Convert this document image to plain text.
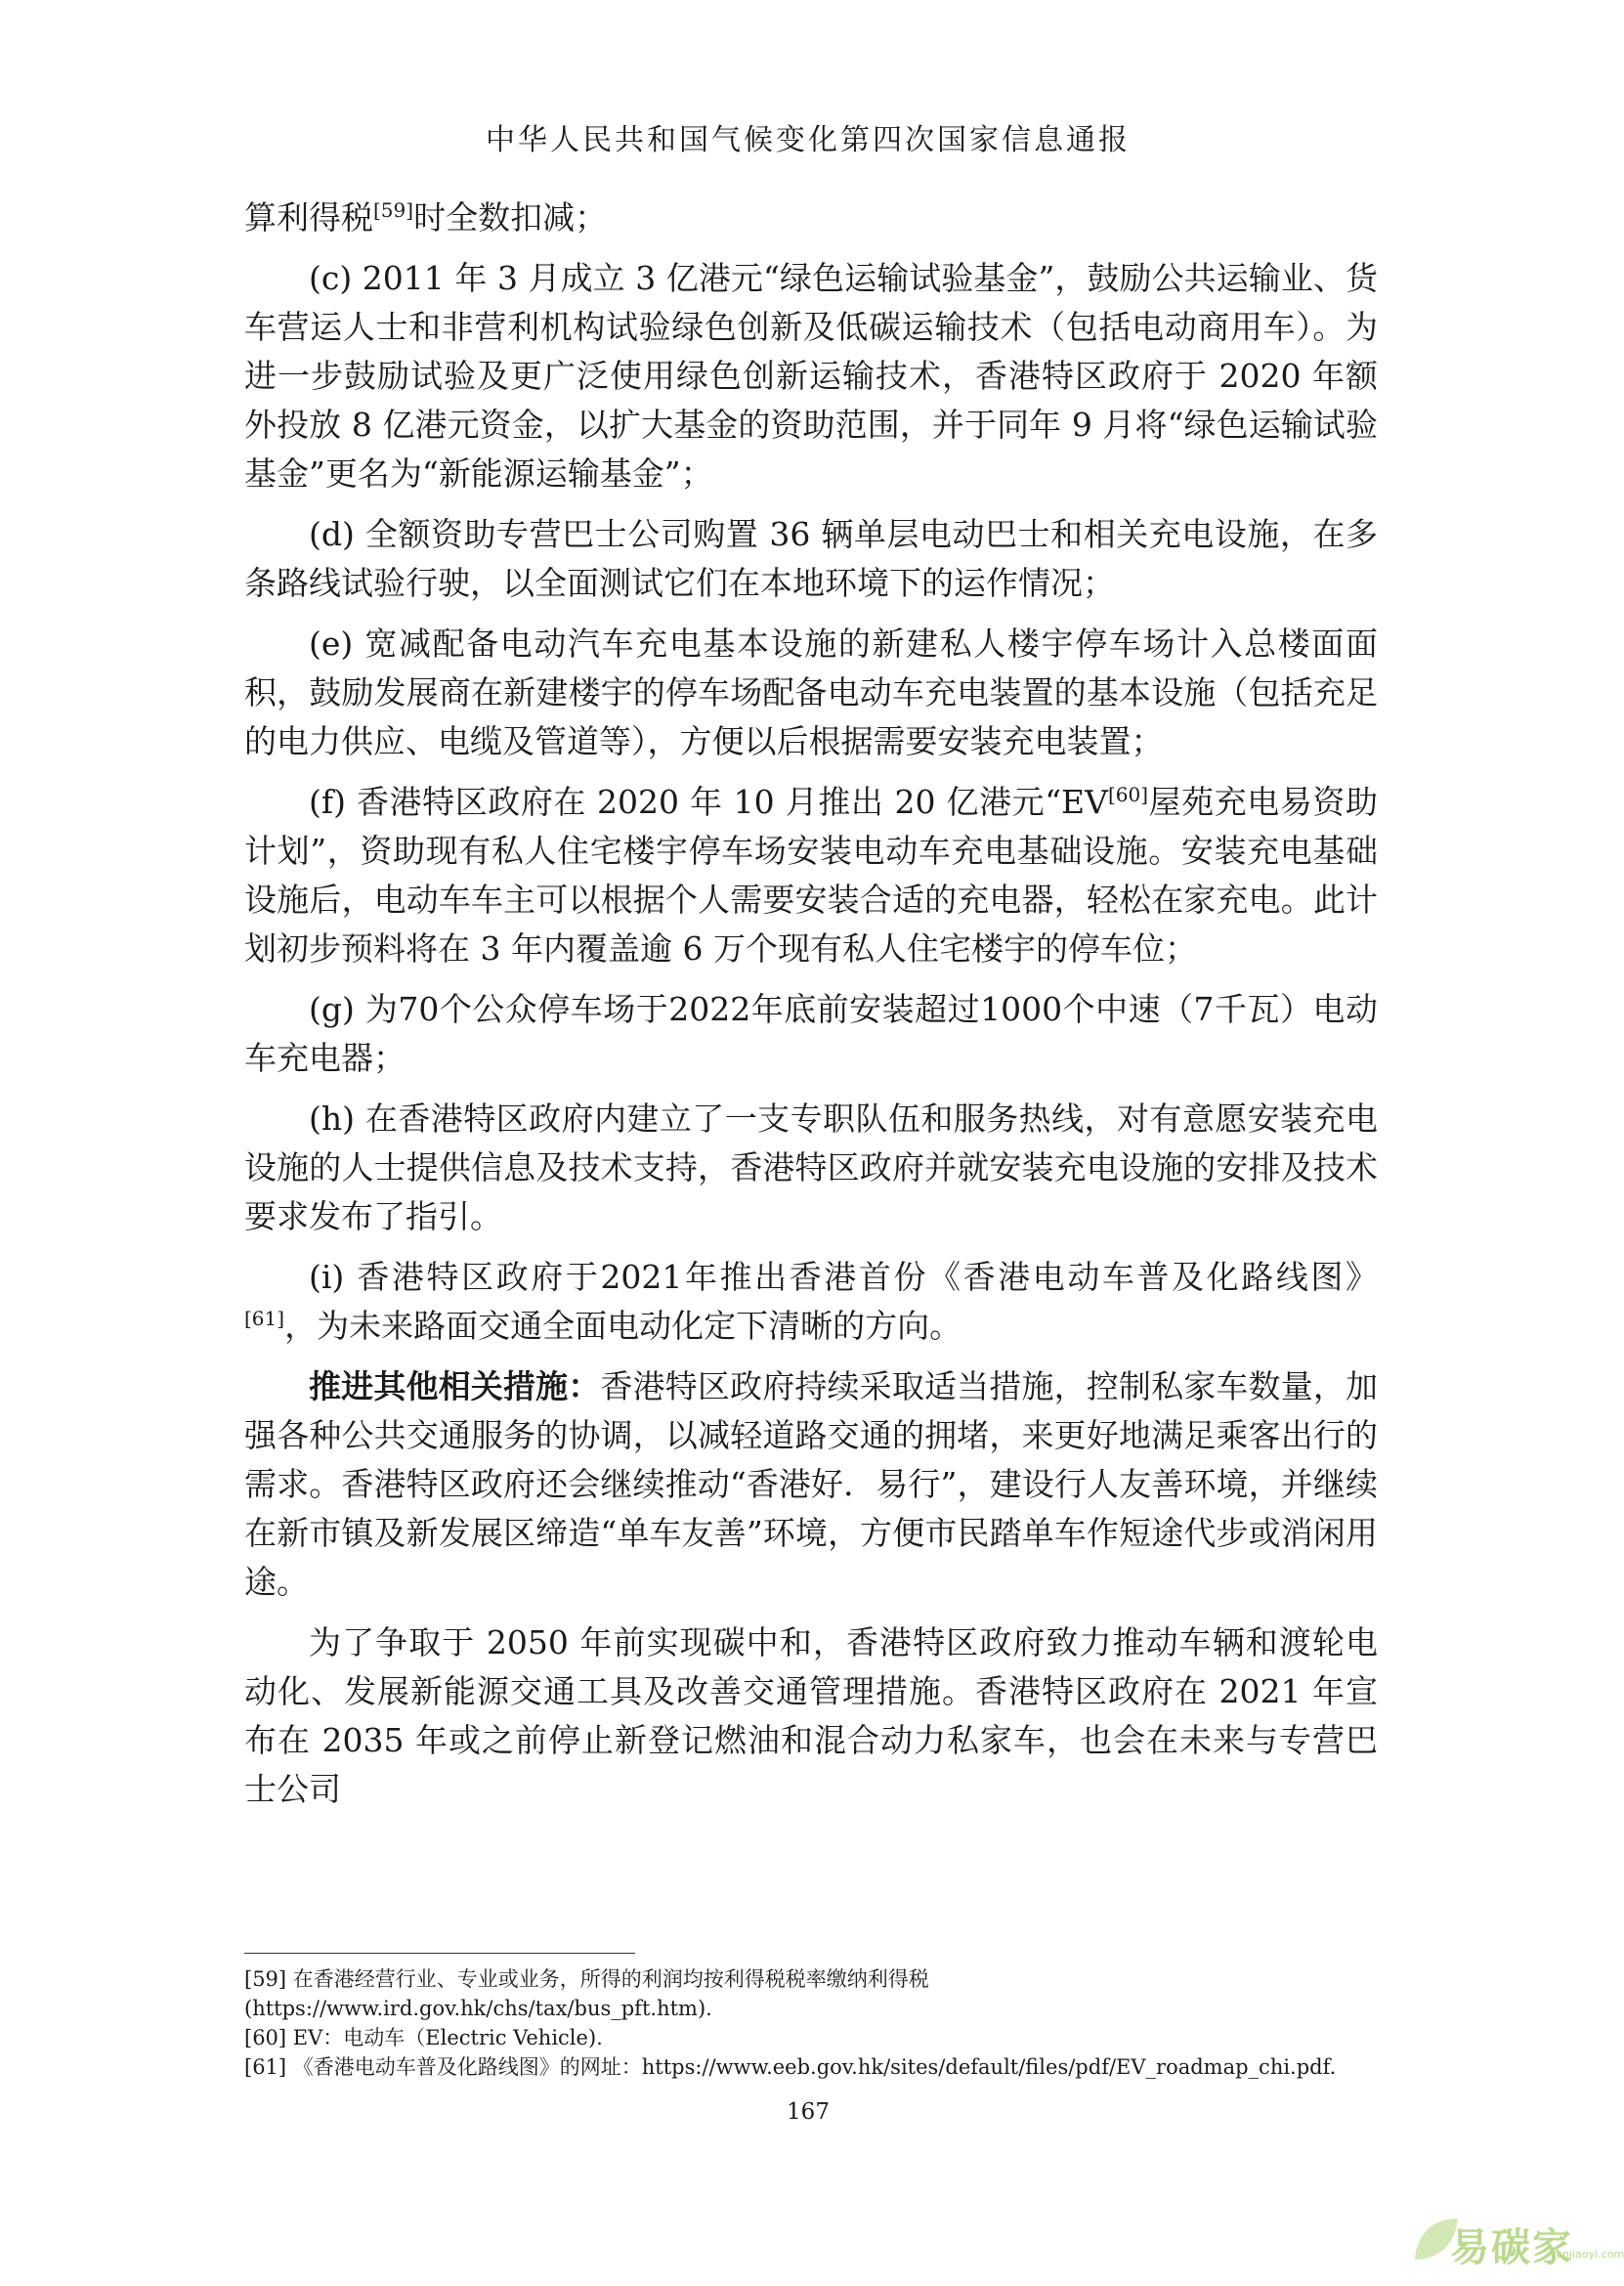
中华人民共和国气候变化第四次国家信息通报

算利得税[59]时全数扣减；

(c) 2011 年 3 月成立 3 亿港元“绿色运输试验基金”，鼓励公共运输业、货车营运人士和非营利机构试验绿色创新及低碳运输技术（包括电动商用车）。为进一步鼓励试验及更广泛使用绿色创新运输技术，香港特区政府于 2020 年额外投放 8 亿港元资金，以扩大基金的资助范围，并于同年 9 月将“绿色运输试验基金”更名为“新能源运输基金”；

(d) 全额资助专营巴士公司购置 36 辆单层电动巴士和相关充电设施，在多条路线试验行驶，以全面测试它们在本地环境下的运作情况；

(e) 宽减配备电动汽车充电基本设施的新建私人楼宇停车场计入总楼面面积，鼓励发展商在新建楼宇的停车场配备电动车充电装置的基本设施（包括充足的电力供应、电缆及管道等），方便以后根据需要安装充电装置；

(f) 香港特区政府在 2020 年 10 月推出 20 亿港元“EV[60]屋苑充电易资助计划”，资助现有私人住宅楼宇停车场安装电动车充电基础设施。安装充电基础设施后，电动车车主可以根据个人需要安装合适的充电器，轻松在家充电。此计划初步预料将在 3 年内覆盖逾 6 万个现有私人住宅楼宇的停车位；

(g) 为70个公众停车场于2022年底前安装超过1000个中速（7千瓦）电动车充电器；

(h) 在香港特区政府内建立了一支专职队伍和服务热线，对有意愿安装充电设施的人士提供信息及技术支持，香港特区政府并就安装充电设施的安排及技术要求发布了指引。

(i) 香港特区政府于2021年推出香港首份《香港电动车普及化路线图》[61]，为未来路面交通全面电动化定下清晰的方向。

推进其他相关措施：香港特区政府持续采取适当措施，控制私家车数量，加强各种公共交通服务的协调，以减轻道路交通的拥堵，来更好地满足乘客出行的需求。香港特区政府还会继续推动“香港好．易行”，建设行人友善环境，并继续在新市镇及新发展区缔造“单车友善”环境，方便市民踏单车作短途代步或消闲用途。

为了争取于 2050 年前实现碳中和，香港特区政府致力推动车辆和渡轮电动化、发展新能源交通工具及改善交通管理措施。香港特区政府在 2021 年宣布在 2035 年或之前停止新登记燃油和混合动力私家车，也会在未来与专营巴士公司

[59] 在香港经营行业、专业或业务，所得的利润均按利得税税率缴纳利得税
(https://www.ird.gov.hk/chs/tax/bus_pft.htm).
[60] EV：电动车（Electric Vehicle).
[61] 《香港电动车普及化路线图》的网址：https://www.eeb.gov.hk/sites/default/files/pdf/EV_roadmap_chi.pdf.
167
易碳家
tanjiaoyi.com
